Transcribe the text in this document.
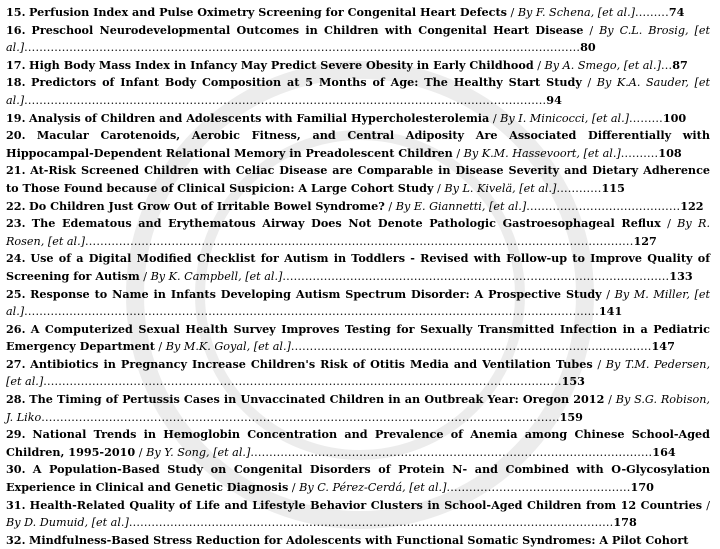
15. Perfusion Index and Pulse Oximetry Screening for Congenital Heart Defects / By F. Schena, [et al.].........74

16. Preschool Neurodevelopmental Outcomes in Children with Congenital Heart Disease / By C.L. Brosig, [et al.]....................................................................................................................................................80

17. High Body Mass Index in Infancy May Predict Severe Obesity in Early Childhood / By A. Smego, [et al.]...87

18. Predictors of Infant Body Composition at 5 Months of Age: The Healthy Start Study / By K.A. Sauder, [et al.]...........................................................................................................................................94

19. Analysis of Children and Adolescents with Familial Hypercholesterolemia / By I. Minicocci, [et al.].........100

20. Macular Carotenoids, Aerobic Fitness, and Central Adiposity Are Associated Differentially with Hippocampal-Dependent Relational Memory in Preadolescent Children / By K.M. Hassevoort, [et al.]..........108

21. At-Risk Screened Children with Celiac Disease are Comparable in Disease Severity and Dietary Adherence to Those Found because of Clinical Suspicion: A Large Cohort Study / By L. Kivelä, [et al.]............115

22. Do Children Just Grow Out of Irritable Bowel Syndrome? / By E. Giannetti, [et al.].........................................122

23. The Edematous and Erythematous Airway Does Not Denote Pathologic Gastroesophageal Reflux / By R. Rosen, [et al.]..................................................................................................................................................127

24. Use of a Digital Modified Checklist for Autism in Toddlers - Revised with Follow-up to Improve Quality of Screening for Autism / By K. Campbell, [et al.].......................................................................................................133

25. Response to Name in Infants Developing Autism Spectrum Disorder: A Prospective Study / By M. Miller, [et al.].........................................................................................................................................................141

26. A Computerized Sexual Health Survey Improves Testing for Sexually Transmitted Infection in a Pediatric Emergency Department / By M.K. Goyal, [et al.]................................................................................................147

27. Antibiotics in Pregnancy Increase Children's Risk of Otitis Media and Ventilation Tubes / By T.M. Pedersen, [et al.]..........................................................................................................................................153

28. The Timing of Pertussis Cases in Unvaccinated Children in an Outbreak Year: Oregon 2012 / By S.G. Robison, J. Liko..........................................................................................................................................159

29. National Trends in Hemoglobin Concentration and Prevalence of Anemia among Chinese School-Aged Children, 1995-2010 / By Y. Song, [et al.]...........................................................................................................164

30. A Population-Based Study on Congenital Disorders of Protein N- and Combined with O-Glycosylation Experience in Clinical and Genetic Diagnosis / By C. Pérez-Cerdá, [et al.].................................................170

31. Health-Related Quality of Life and Lifestyle Behavior Clusters in School-Aged Children from 12 Countries / By D. Dumuid, [et al.].................................................................................................................................178

32. Mindfulness-Based Stress Reduction for Adolescents with Functional Somatic Syndromes: A Pilot Cohort
